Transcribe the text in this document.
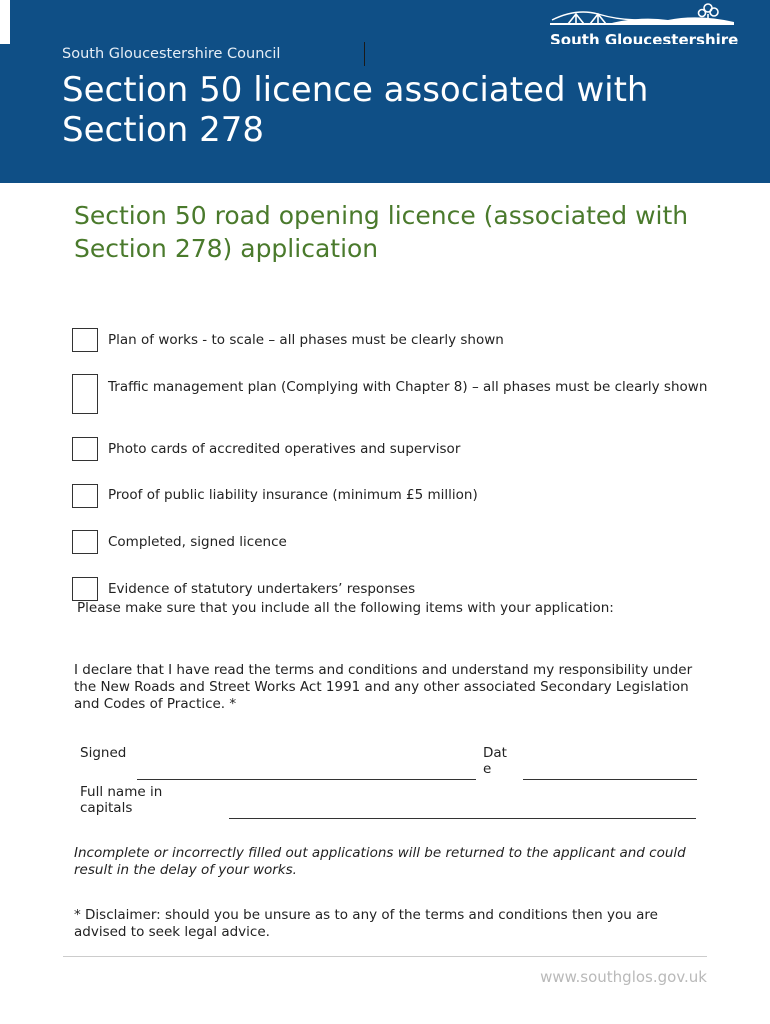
South Gloucestershire
South Gloucestershire Council
Section 50 licence associated with Section 278
Section 50 road opening licence (associated with Section 278) application
Plan of works - to scale – all phases must be clearly shown
Traffic management plan (Complying with Chapter 8) – all phases must be clearly shown
Photo cards of accredited operatives and supervisor
Proof of public liability insurance (minimum £5 million)
Completed, signed licence
Evidence of statutory undertakers’ responses
Please make sure that you include all the following items with your application:
I declare that I have read the terms and conditions and understand my responsibility under the New Roads and Street Works Act 1991 and any other associated Secondary Legislation and Codes of Practice. *
Signed	Dat
e
Full name in
capitals
Incomplete or incorrectly filled out applications will be returned to the applicant and could result in the delay of your works.
* Disclaimer: should you be unsure as to any of the terms and conditions then you are advised to seek legal advice.
www.southglos.gov.uk
